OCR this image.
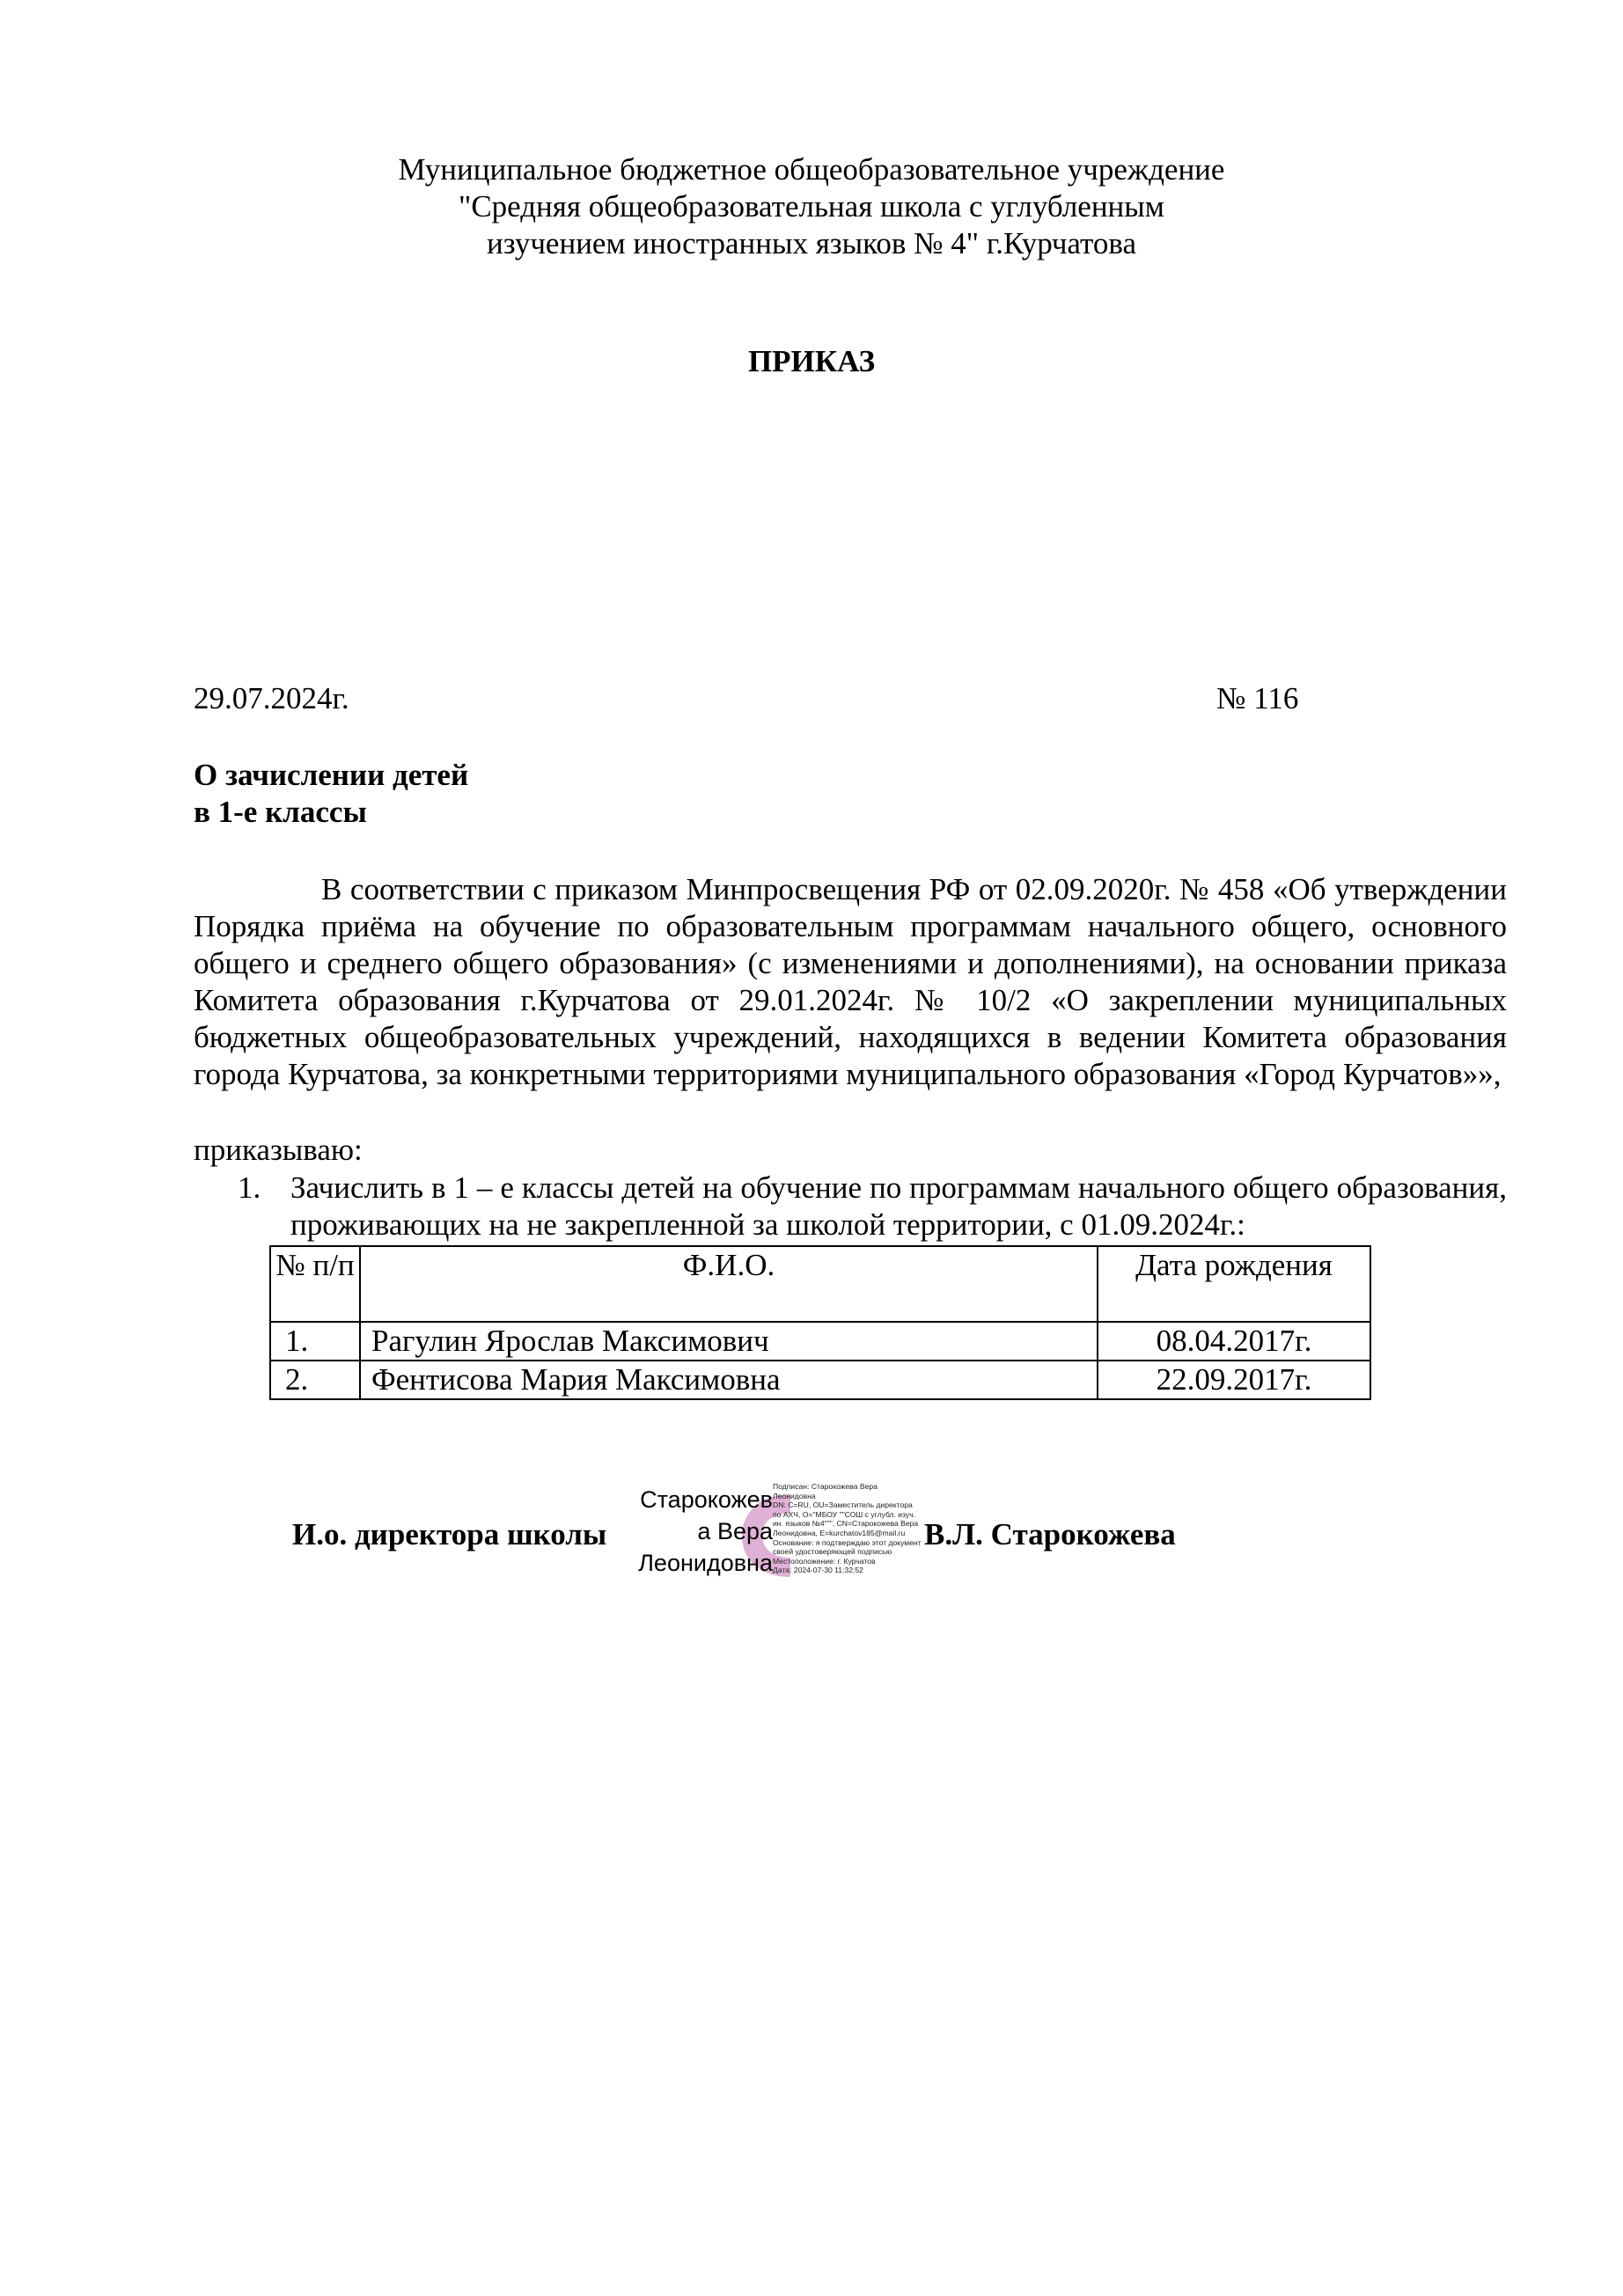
Муниципальное бюджетное общеобразовательное учреждение
"Средняя общеобразовательная школа с углубленным
изучением иностранных языков № 4" г.Курчатова
ПРИКАЗ
29.07.2024г.	№ 116
О зачислении детей
в 1-е классы

В соответствии с приказом Минпросвещения РФ от 02.09.2020г. № 458 «Об утверждении Порядка приёма на обучение по образовательным программам начального общего, основного общего и среднего общего образования» (с изменениями и дополнениями), на основании приказа Комитета образования г.Курчатова от 29.01.2024г. № 10/2 «О закреплении муниципальных бюджетных общеобразовательных учреждений, находящихся в ведении Комитета образования города Курчатова, за конкретными территориями муниципального образования «Город Курчатов»»,

приказываю:
1. Зачислить в 1 – е классы детей на обучение по программам начального общего образования, проживающих на не закрепленной за школой территории, с 01.09.2024г.:
№ п/п	Ф.И.О.	Дата рождения
1.	Рагулин Ярослав Максимович	08.04.2017г.
2.	Фентисова Мария Максимовна	22.09.2017г.
И.о. директора школы
Старокожев
а Вера
Леонидовна
Подписан: Старокожева Вера
Леонидовна
DN: C=RU, OU=Заместитель директора
по АХЧ, O="МБОУ ""СОШ с углубл. изуч.
ин. языков №4""", CN=Старокожева Вера
Леонидовна, E=kurchatov185@mail.ru
Основание: я подтверждаю этот документ
своей удостоверяющей подписью
Местоположение: г. Курчатов
Дата: 2024-07-30 11:32:52
В.Л. Старокожева
